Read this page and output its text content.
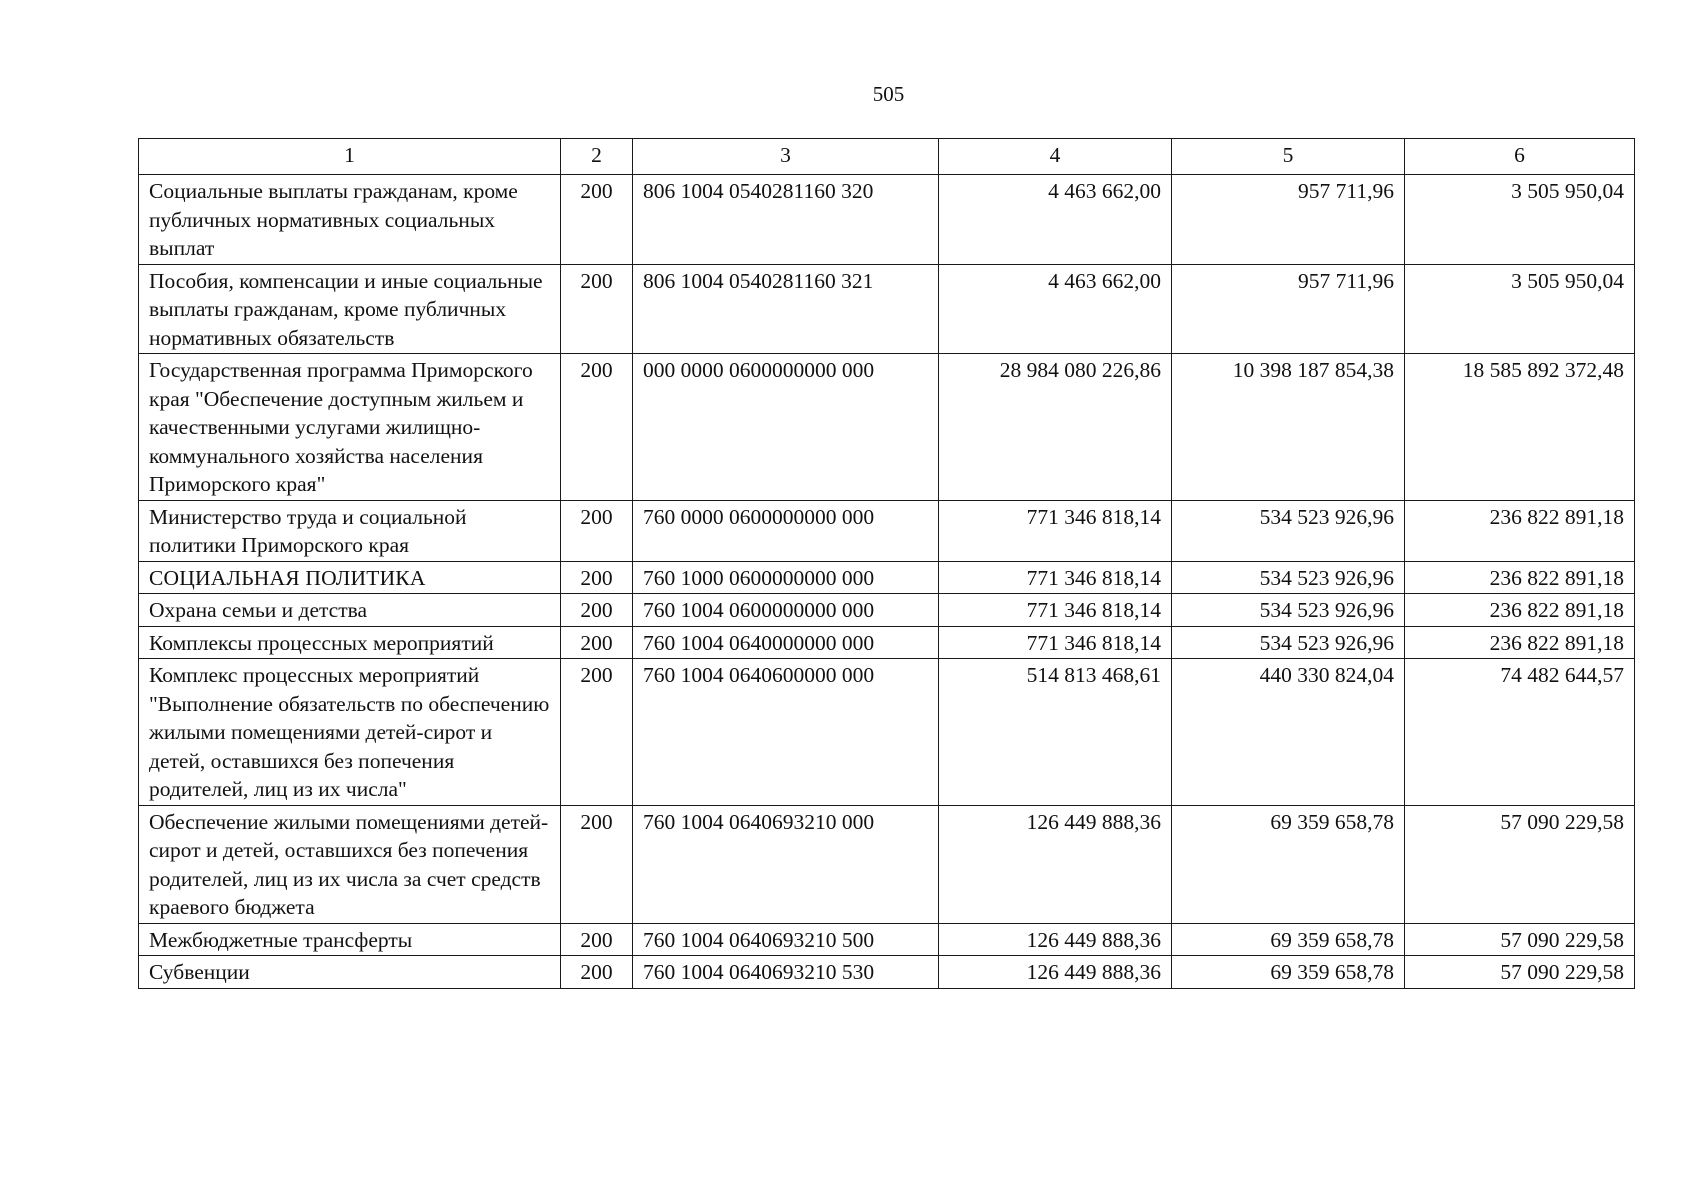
505
1	2	3	4	5	6
Социальные выплаты гражданам, кроме публичных нормативных социальных выплат	200	806 1004 0540281160 320	4 463 662,00	957 711,96	3 505 950,04
Пособия, компенсации и иные социальные выплаты гражданам, кроме публичных нормативных обязательств	200	806 1004 0540281160 321	4 463 662,00	957 711,96	3 505 950,04
Государственная программа Приморского края "Обеспечение доступным жильем и качественными услугами жилищно-коммунального хозяйства населения Приморского края"	200	000 0000 0600000000 000	28 984 080 226,86	10 398 187 854,38	18 585 892 372,48
Министерство труда и социальной политики Приморского края	200	760 0000 0600000000 000	771 346 818,14	534 523 926,96	236 822 891,18
СОЦИАЛЬНАЯ ПОЛИТИКА	200	760 1000 0600000000 000	771 346 818,14	534 523 926,96	236 822 891,18
Охрана семьи и детства	200	760 1004 0600000000 000	771 346 818,14	534 523 926,96	236 822 891,18
Комплексы процессных мероприятий	200	760 1004 0640000000 000	771 346 818,14	534 523 926,96	236 822 891,18
Комплекс процессных мероприятий "Выполнение обязательств по обеспечению жилыми помещениями детей-сирот и детей, оставшихся без попечения родителей, лиц из их числа"	200	760 1004 0640600000 000	514 813 468,61	440 330 824,04	74 482 644,57
Обеспечение жилыми помещениями детей-сирот и детей, оставшихся без попечения родителей, лиц из их числа за счет средств краевого бюджета	200	760 1004 0640693210 000	126 449 888,36	69 359 658,78	57 090 229,58
Межбюджетные трансферты	200	760 1004 0640693210 500	126 449 888,36	69 359 658,78	57 090 229,58
Субвенции	200	760 1004 0640693210 530	126 449 888,36	69 359 658,78	57 090 229,58
